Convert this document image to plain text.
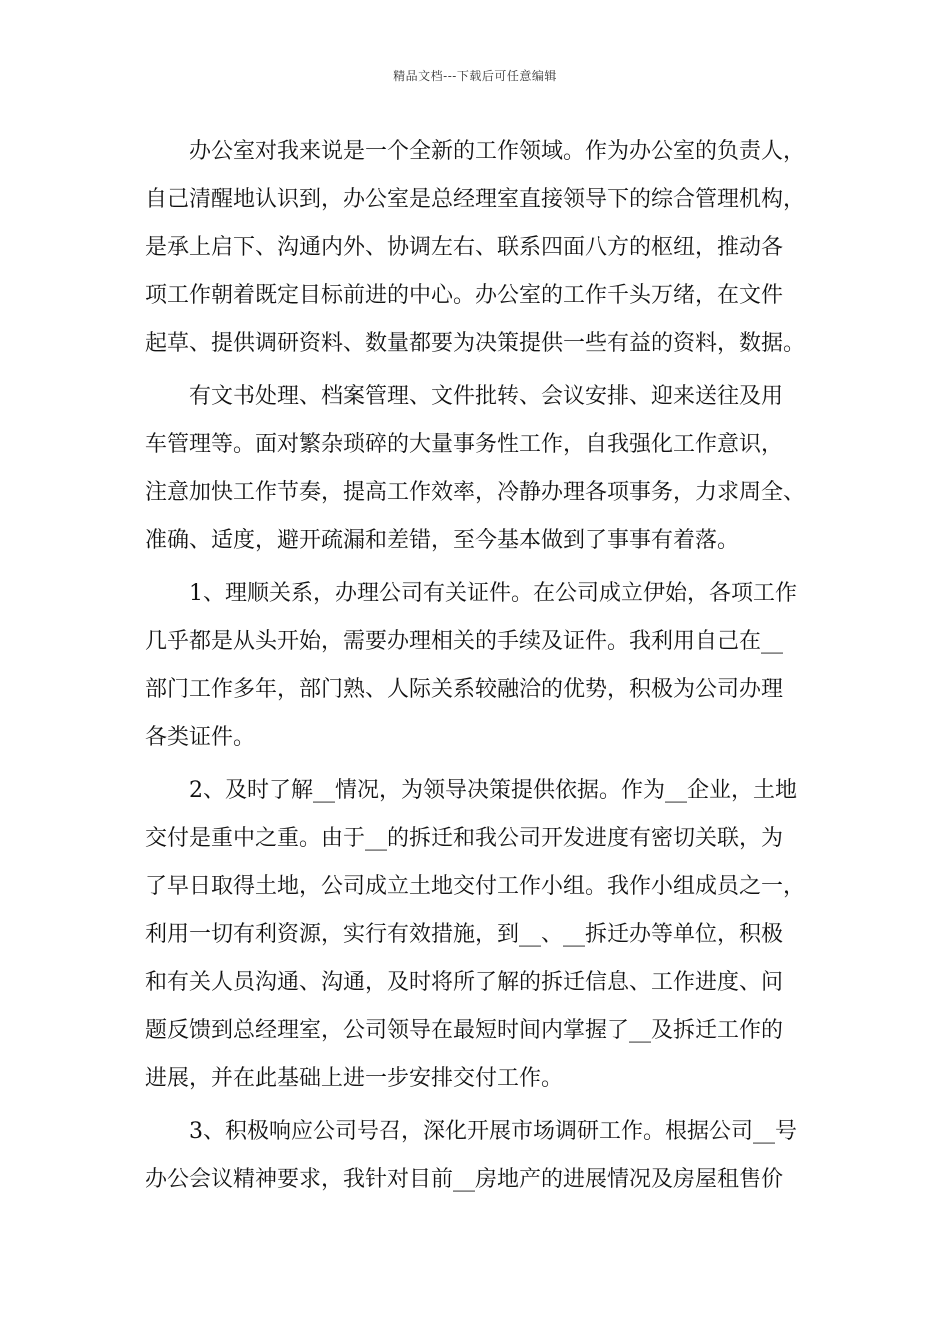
精品文档---下载后可任意编辑
办公室对我来说是一个全新的工作领域。作为办公室的负责人，
自己清醒地认识到，办公室是总经理室直接领导下的综合管理机构，
是承上启下、沟通内外、协调左右、联系四面八方的枢纽，推动各
项工作朝着既定目标前进的中心。办公室的工作千头万绪，在文件
起草、提供调研资料、数量都要为决策提供一些有益的资料，数据。
有文书处理、档案管理、文件批转、会议安排、迎来送往及用
车管理等。面对繁杂琐碎的大量事务性工作，自我强化工作意识，
注意加快工作节奏，提高工作效率，冷静办理各项事务，力求周全、
准确、适度，避开疏漏和差错，至今基本做到了事事有着落。
1、理顺关系，办理公司有关证件。在公司成立伊始，各项工作
几乎都是从头开始，需要办理相关的手续及证件。我利用自己在__
部门工作多年，部门熟、人际关系较融洽的优势，积极为公司办理
各类证件。
2、及时了解__情况，为领导决策提供依据。作为__企业，土地
交付是重中之重。由于__的拆迁和我公司开发进度有密切关联，为
了早日取得土地，公司成立土地交付工作小组。我作小组成员之一，
利用一切有利资源，实行有效措施，到__、__拆迁办等单位，积极
和有关人员沟通、沟通，及时将所了解的拆迁信息、工作进度、问
题反馈到总经理室，公司领导在最短时间内掌握了__及拆迁工作的
进展，并在此基础上进一步安排交付工作。
3、积极响应公司号召，深化开展市场调研工作。根据公司__号
办公会议精神要求，我针对目前__房地产的进展情况及房屋租售价
